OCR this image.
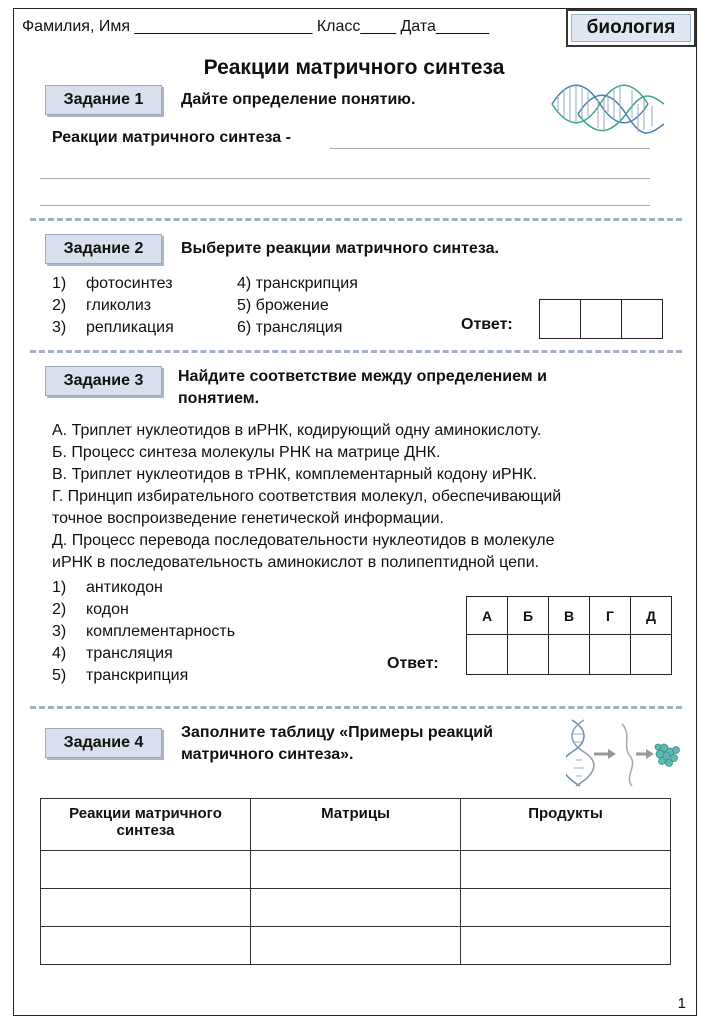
Фамилия, Имя ____________________ Класс____ Дата______	биология
Реакции матричного синтеза
Задание 1 Дайте определение понятию.
Реакции матричного синтеза -
Задание 2 Выберите реакции матричного синтеза.
1) фотосинтез
2) гликолиз
3) репликация
4) транскрипция
5) брожение
6) трансляция	Ответ:

Задание 3 Найдите соответствие между определением и
понятием.
А. Триплет нуклеотидов в иРНК, кодирующий одну аминокислоту.
Б. Процесс синтеза молекулы РНК на матрице ДНК.
В. Триплет нуклеотидов в тРНК, комплементарный кодону иРНК.
Г. Принцип избирательного соответствия молекул, обеспечивающий
точное воспроизведение генетической информации.
Д. Процесс перевода последовательности нуклеотидов в молекуле
иРНК в последовательность аминокислот в полипептидной цепи.
1) антикодон
2) кодон
3) комплементарность
4) трансляция
5) транскрипция
Ответ:
А	Б	В	Г	Д

Задание 4
Заполните таблицу «Примеры реакций
матричного синтеза».
Реакции матричного
синтеза	Матрицы	Продукты

1
